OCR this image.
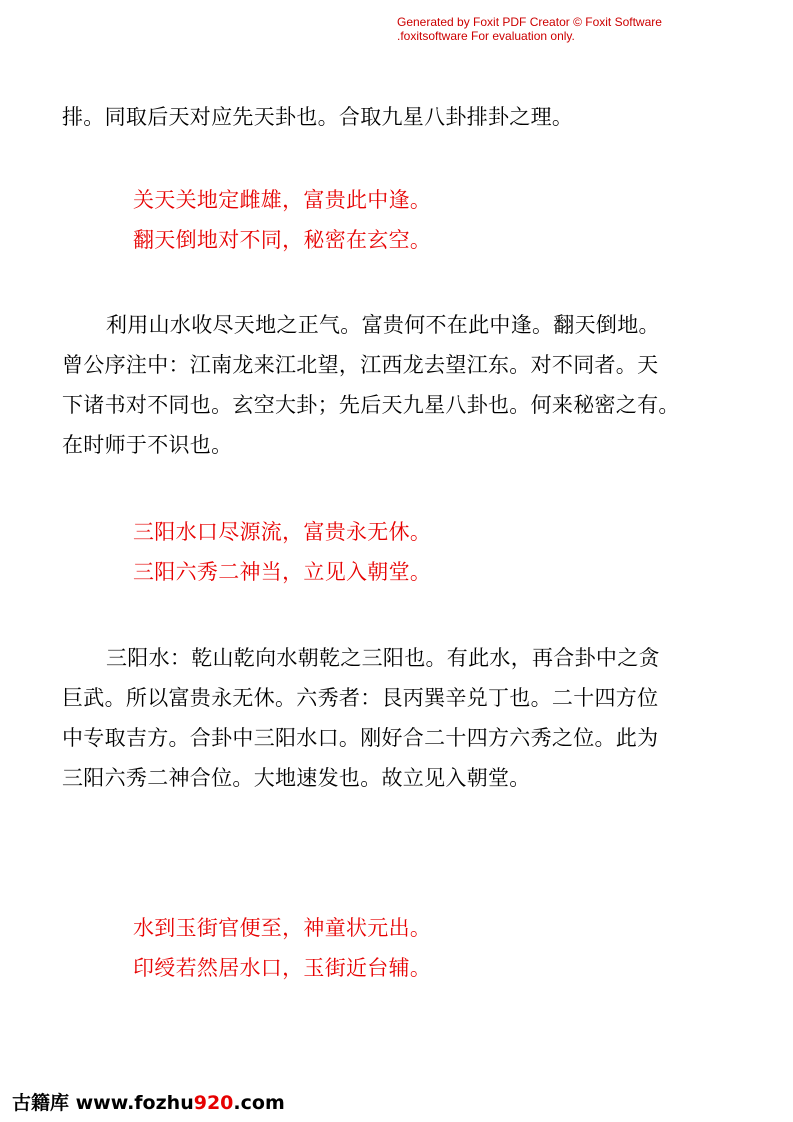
Generated by Foxit PDF Creator © Foxit Software
.foxitsoftware For evaluation only.
排。同取后天对应先天卦也。合取九星八卦排卦之理。
关天关地定雌雄，富贵此中逢。
翻天倒地对不同，秘密在玄空。
利用山水收尽天地之正气。富贵何不在此中逢。翻天倒地。
曾公序注中：江南龙来江北望，江西龙去望江东。对不同者。天
下诸书对不同也。玄空大卦；先后天九星八卦也。何来秘密之有。
在时师于不识也。
三阳水口尽源流，富贵永无休。
三阳六秀二神当，立见入朝堂。
三阳水：乾山乾向水朝乾之三阳也。有此水，再合卦中之贪
巨武。所以富贵永无休。六秀者：艮丙巽辛兑丁也。二十四方位
中专取吉方。合卦中三阳水口。刚好合二十四方六秀之位。此为
三阳六秀二神合位。大地速发也。故立见入朝堂。
水到玉街官便至，神童状元出。
印绶若然居水口，玉街近台辅。
古籍库 www.fozhu920.com
